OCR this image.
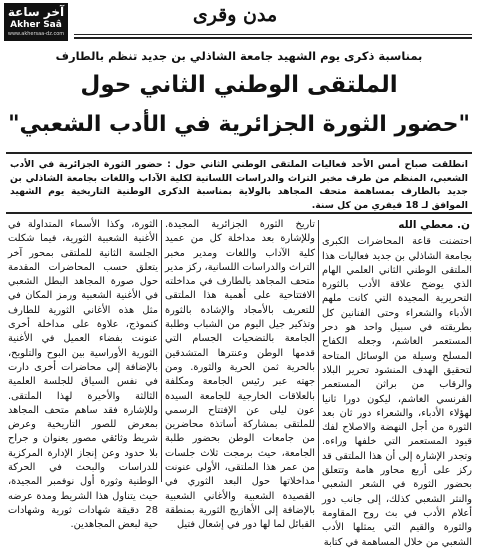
آخر ساعة
Akher Saâ
www.akhersaa-dz.com
مدن وقرى
بمناسبة ذكرى يوم الشهيد جامعة الشاذلي بن جديد تنظم بالطارف
الملتقى الوطني الثاني حول
"حضور الثورة الجزائرية في الأدب الشعبي"
انطلقت صباح أمس الأحد فعاليات الملتقى الوطني الثاني حول : حضور الثورة الجزائرية في الأدب الشعبي، المنظم من طرف مخبر التراث والدراسات اللسانية لكلية الآداب واللغات بجامعة الشاذلي بن جديد بالطارف بمساهمة متحف المجاهد بالولاية بمناسبة الذكرى الوطنية التاريخية يوم الشهيد الموافق لـ 18 فيفري من كل سنة.
ن. معطي الله

احتضنت قاعة المحاضرات الكبرى بجامعة الشاذلي بن جديد فعاليات هذا الملتقى الوطني الثاني العلمي الهام الذي يوضح علاقة الأدب بالثورة التحريرية المجيدة التي كانت ملهم الأدباء والشعراء وحتى الفنانين كل بطريقته في سبيل واحد هو دحر المستعمر الغاشم، وجعله الكفاح المسلح وسيلة من الوسائل المتاحة لتحقيق الهدف المنشود تحرير البلاد والرقاب من براثن المستعمر الفرنسي الغاشم، ليكون دورا ثانيا لهؤلاء الأدباء، والشعراء دور ثان بعد الثورة من أجل النهضة والاصلاح لفك قيود المستعمر التي خلفها وراءه. وتجدر الإشارة إلى أن هذا الملتقى قد ركز على أربع محاور هامة وتتعلق بحضور الثورة في الشعر الشعبي والنثر الشعبي كذلك، إلى جانب دور أعلام الأدب في بث روح المقاومة والثورة والقيم التي يمثلها الأدب الشعبي من خلال المساهمة في كتابة

تاريخ الثورة الجزائرية المجيدة. وللإشارة بعد مداخلة كل من عميد كلية الآداب واللغات ومدير مخبر التراث والدراسات اللسانية، ركز مدير متحف المجاهد بالطارف في مداخلته الافتتاحية على أهمية هذا الملتقى للتعريف بالأمجاد والإشادة بالثورة وتذكير جيل اليوم من الشباب وطلبة الجامعة بالتضحيات الجسام التي قدمها الوطن وعنترها المتشدقين بالحرية ثمن الحرية والثورة. ومن جهته عبر رئيس الجامعة ومكلفة بالعلاقات الخارجية للجامعة السيدة عون ليلى عن الإفتتاح الرسمي للملتقى بمشاركة أساتذة محاضرين من جامعات الوطن بحضور طلبة الجامعة، حيث برمجت ثلاث جلسات من عمر هذا الملتقى، الأولى عنونت مداخلاتها حول البعد الثوري في القصيدة الشعبية والأغاني الشعبية بالإضافة إلى الأهازيج الثورية بمنطقة القبائل لما لها دور في إشعال فتيل

الثورة، وكذا الأسماء المتداولة في الأغنية الشعبية الثورية، فيما شكلت الجلسة الثانية للملتقى بمحور آخر يتعلق حسب المحاضرات المقدمة حول صورة المجاهد البطل الشعبي في الأغنية الشعبية ورمز المكان في مثل هذه الأغاني الثورية للطارف كنموذج، علاوة على مداخلة أخرى عنونت بفضاء العميل في الأغنية الثورية الأوراسية بين البوح والتلويح، بالإضافة إلى محاضرات أخرى دارت في نفس السياق للجلسة العلمية الثالثة والأخيرة لهذا الملتقى. وللإشارة فقد ساهم متحف المجاهد بمعرض للصور التاريخية وعرض شريط وثائقي مصور يعنوان و جراح بلا حدود وعن إنجاز الإدارة المركزية للدراسات والبحث في الحركة الوطنية وثورة أول نوفمبر المجيدة، حيث يتناول هذا الشريط ومدة عرضه 28 دقيقة شهادات ثورية وشهادات حية لبعض المجاهدين.
